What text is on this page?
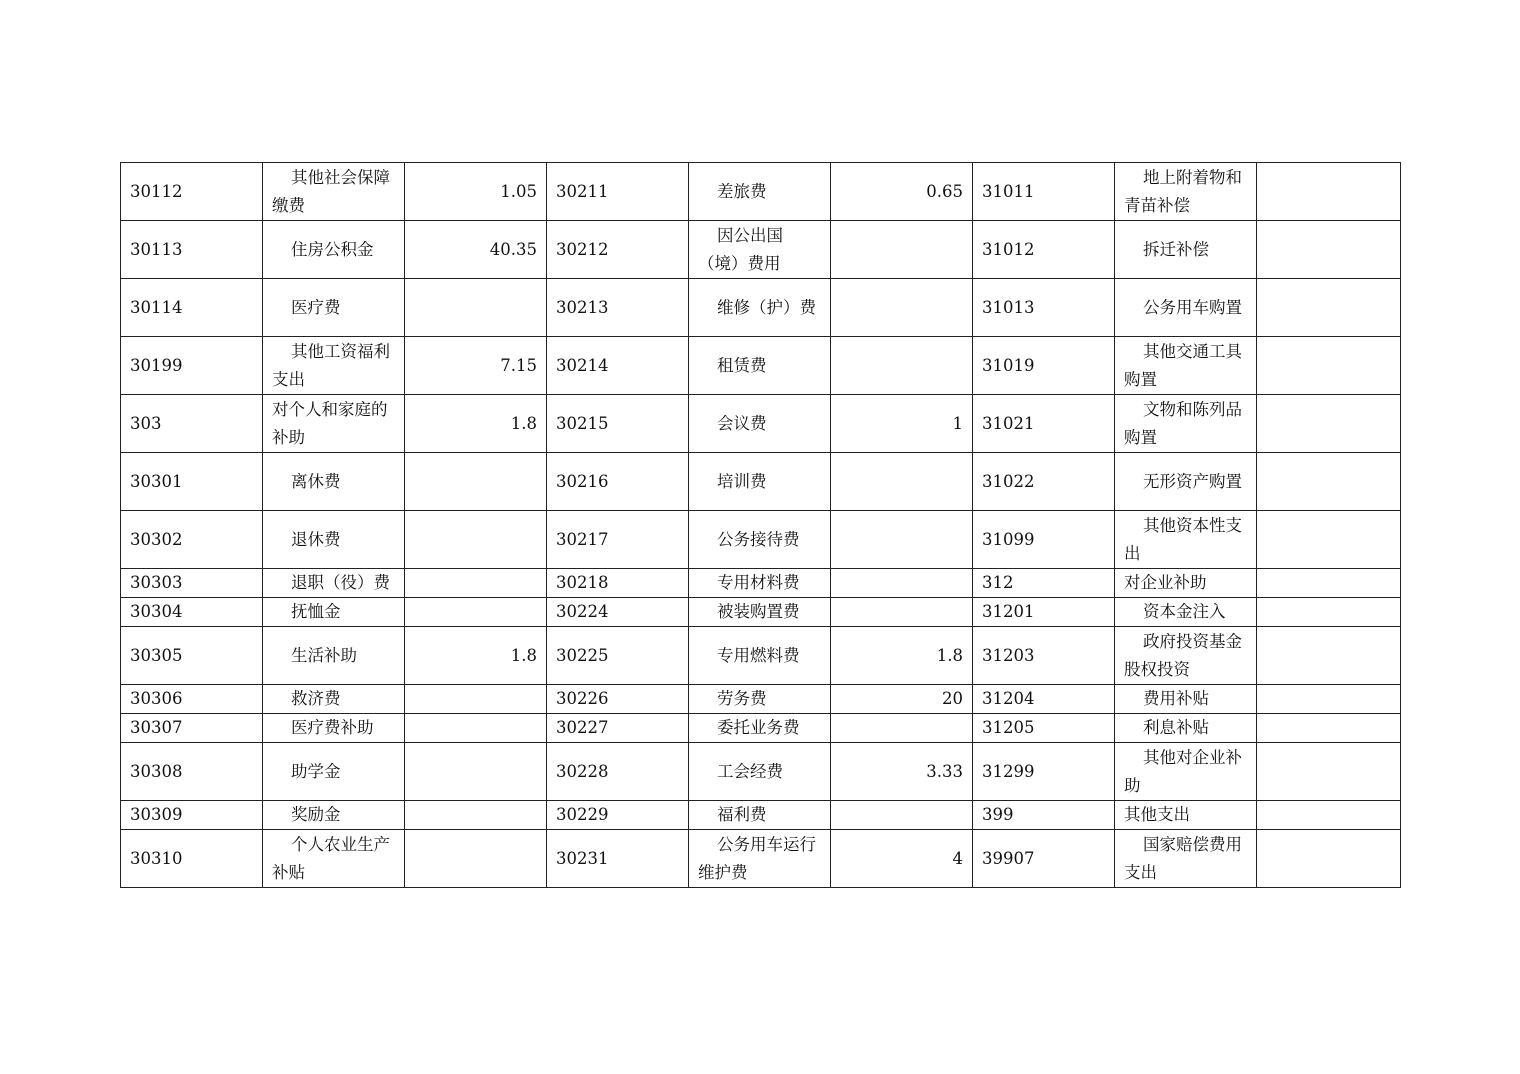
30112	其他社会保障缴费	1.05	30211	差旅费	0.65	31011	地上附着物和青苗补偿	
30113	住房公积金	40.35	30212	因公出国（境）费用		31012	拆迁补偿	
30114	医疗费		30213	维修（护）费		31013	公务用车购置	
30199	其他工资福利支出	7.15	30214	租赁费		31019	其他交通工具购置	
303	对个人和家庭的补助	1.8	30215	会议费	1	31021	文物和陈列品购置	
30301	离休费		30216	培训费		31022	无形资产购置	
30302	退休费		30217	公务接待费		31099	其他资本性支出	
30303	退职（役）费		30218	专用材料费		312	对企业补助	
30304	抚恤金		30224	被装购置费		31201	资本金注入	
30305	生活补助	1.8	30225	专用燃料费	1.8	31203	政府投资基金股权投资	
30306	救济费		30226	劳务费	20	31204	费用补贴	
30307	医疗费补助		30227	委托业务费		31205	利息补贴	
30308	助学金		30228	工会经费	3.33	31299	其他对企业补助	
30309	奖励金		30229	福利费		399	其他支出	
30310	个人农业生产补贴		30231	公务用车运行维护费	4	39907	国家赔偿费用支出	
